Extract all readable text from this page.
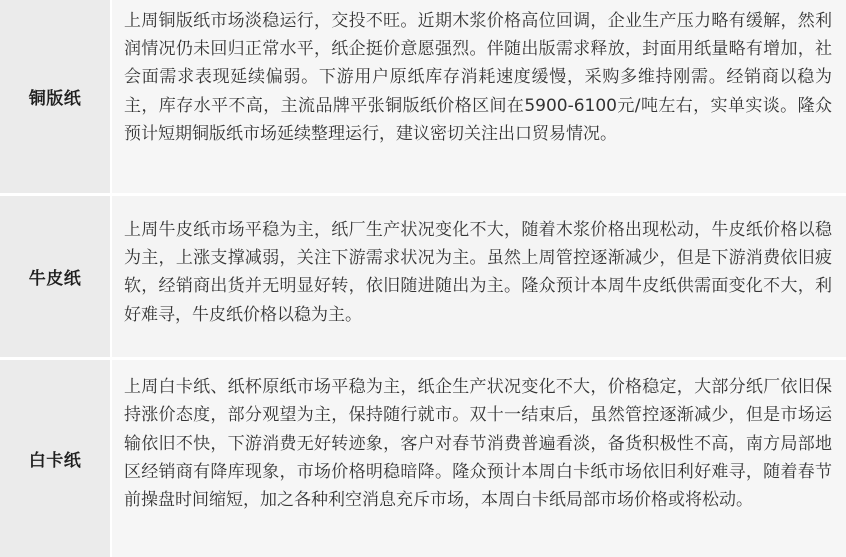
铜版纸

上周铜版纸市场淡稳运行，交投不旺。近期木浆价格高位回调，企业生产压力略有缓解，然利润情况仍未回归正常水平，纸企挺价意愿强烈。伴随出版需求释放，封面用纸量略有增加，社会面需求表现延续偏弱。下游用户原纸库存消耗速度缓慢，采购多维持刚需。经销商以稳为主，库存水平不高，主流品牌平张铜版纸价格区间在5900-6100元/吨左右，实单实谈。隆众预计短期铜版纸市场延续整理运行，建议密切关注出口贸易情况。

牛皮纸

上周牛皮纸市场平稳为主，纸厂生产状况变化不大，随着木浆价格出现松动，牛皮纸价格以稳为主，上涨支撑减弱，关注下游需求状况为主。虽然上周管控逐渐减少，但是下游消费依旧疲软，经销商出货并无明显好转，依旧随进随出为主。隆众预计本周牛皮纸供需面变化不大，利好难寻，牛皮纸价格以稳为主。

白卡纸

上周白卡纸、纸杯原纸市场平稳为主，纸企生产状况变化不大，价格稳定，大部分纸厂依旧保持涨价态度，部分观望为主，保持随行就市。双十一结束后，虽然管控逐渐减少，但是市场运输依旧不快，下游消费无好转迹象，客户对春节消费普遍看淡，备货积极性不高，南方局部地区经销商有降库现象，市场价格明稳暗降。隆众预计本周白卡纸市场依旧利好难寻，随着春节前操盘时间缩短，加之各种利空消息充斥市场，本周白卡纸局部市场价格或将松动。
